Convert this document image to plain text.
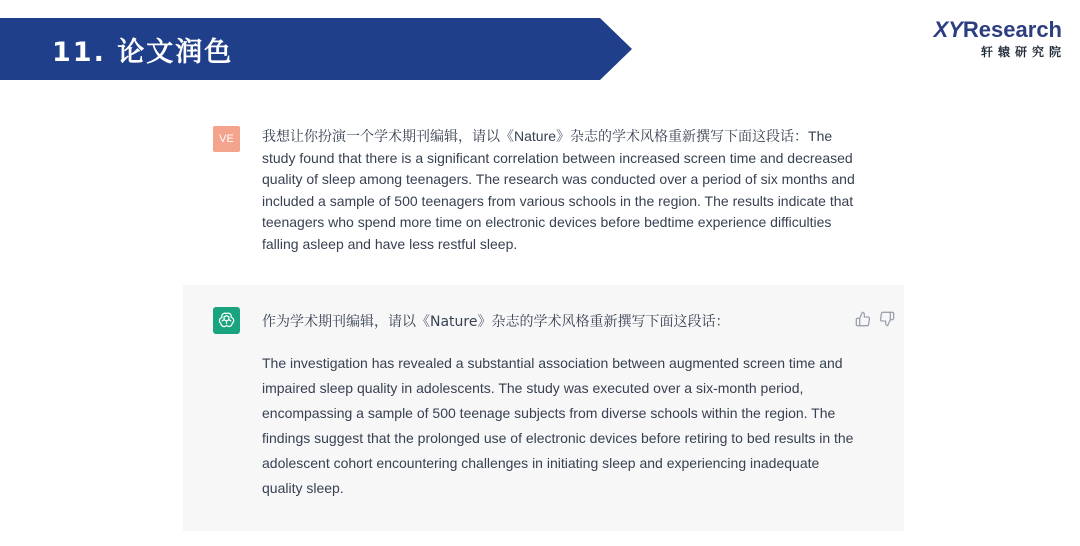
11. 论文润色
XYResearch
轩辕研究院
VE	我想让你扮演一个学术期刊编辑，请以《Nature》杂志的学术风格重新撰写下面这段话：The study found that there is a significant correlation between increased screen time and decreased quality of sleep among teenagers. The research was conducted over a period of six months and included a sample of 500 teenagers from various schools in the region. The results indicate that teenagers who spend more time on electronic devices before bedtime experience difficulties falling asleep and have less restful sleep.
作为学术期刊编辑，请以《Nature》杂志的学术风格重新撰写下面这段话：
The investigation has revealed a substantial association between augmented screen time and impaired sleep quality in adolescents. The study was executed over a six-month period, encompassing a sample of 500 teenage subjects from diverse schools within the region. The findings suggest that the prolonged use of electronic devices before retiring to bed results in the adolescent cohort encountering challenges in initiating sleep and experiencing inadequate quality sleep.
